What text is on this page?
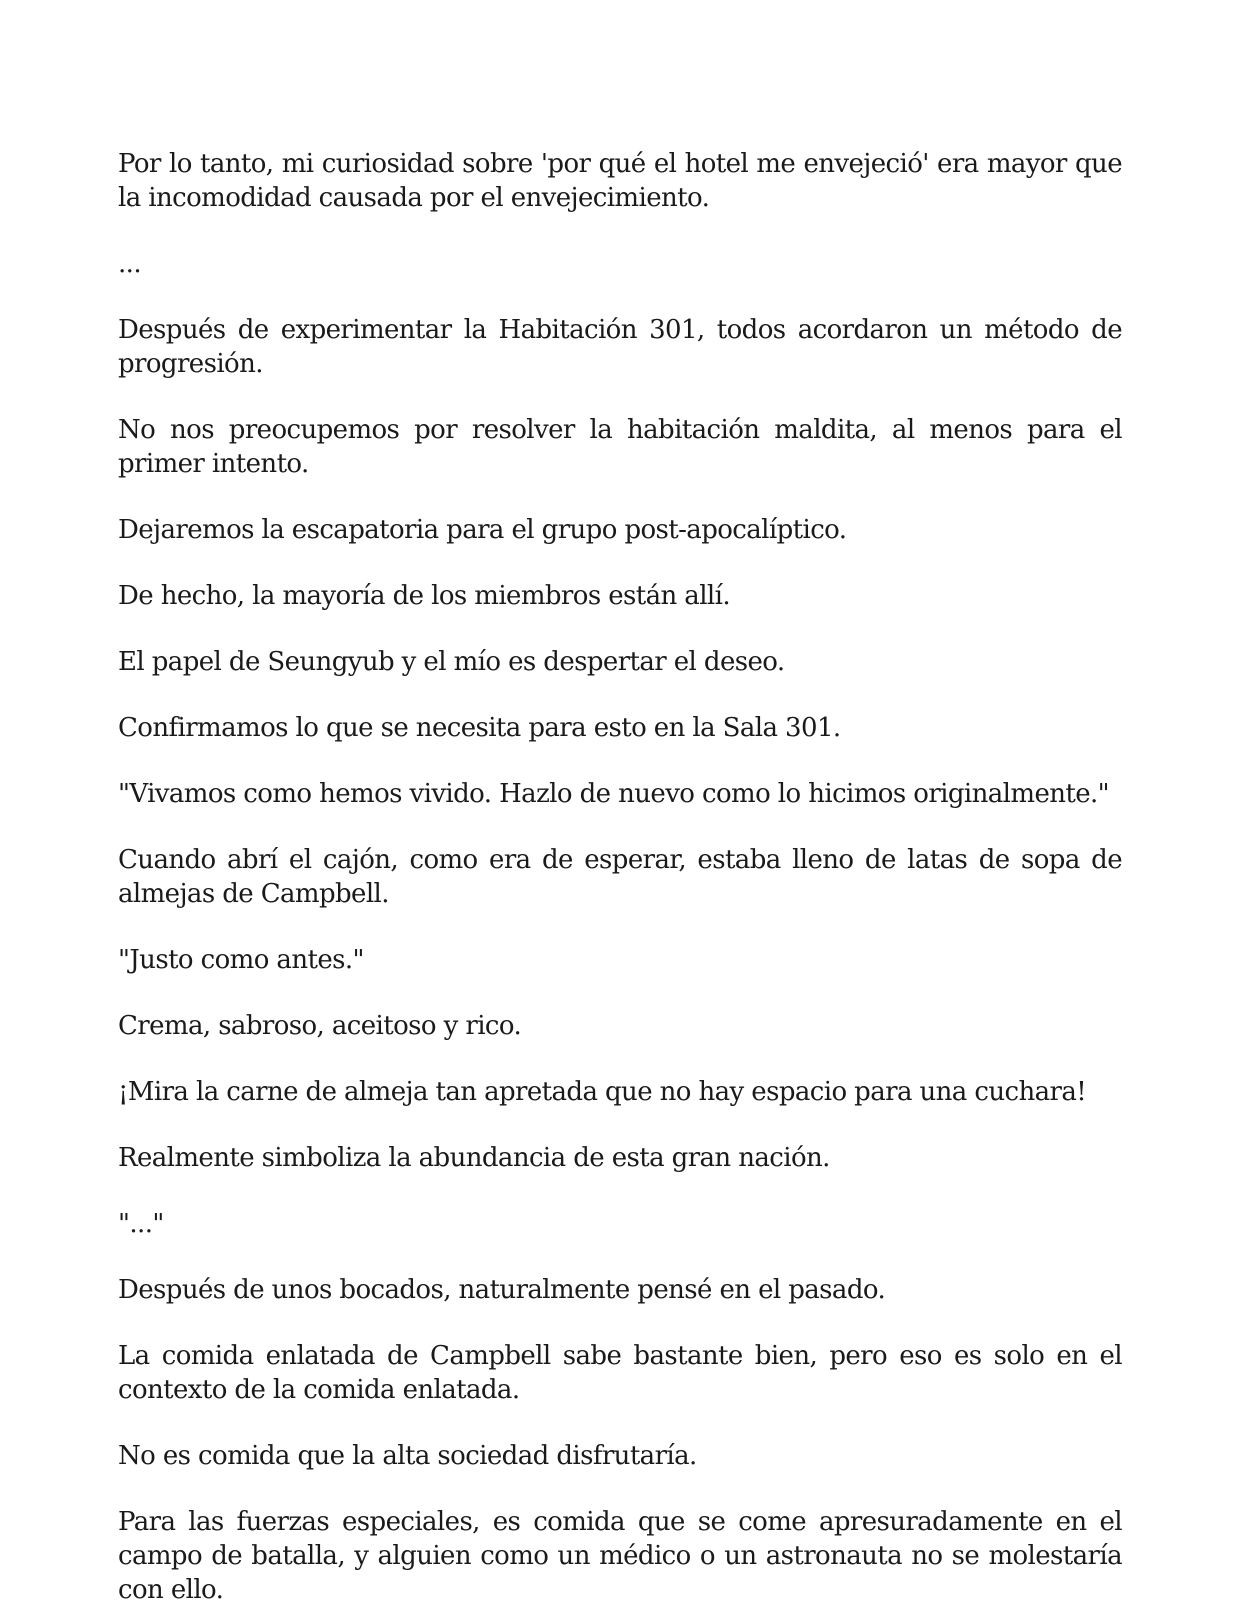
Por lo tanto, mi curiosidad sobre 'por qué el hotel me envejeció' era mayor que la incomodidad causada por el envejecimiento.

...

Después de experimentar la Habitación 301, todos acordaron un método de progresión.

No nos preocupemos por resolver la habitación maldita, al menos para el primer intento.

Dejaremos la escapatoria para el grupo post-apocalíptico.

De hecho, la mayoría de los miembros están allí.

El papel de Seungyub y el mío es despertar el deseo.

Confirmamos lo que se necesita para esto en la Sala 301.

"Vivamos como hemos vivido. Hazlo de nuevo como lo hicimos originalmente."

Cuando abrí el cajón, como era de esperar, estaba lleno de latas de sopa de almejas de Campbell.

"Justo como antes."

Crema, sabroso, aceitoso y rico.

¡Mira la carne de almeja tan apretada que no hay espacio para una cuchara!

Realmente simboliza la abundancia de esta gran nación.

"..."

Después de unos bocados, naturalmente pensé en el pasado.

La comida enlatada de Campbell sabe bastante bien, pero eso es solo en el contexto de la comida enlatada.

No es comida que la alta sociedad disfrutaría.

Para las fuerzas especiales, es comida que se come apresuradamente en el campo de batalla, y alguien como un médico o un astronauta no se molestaría con ello.
